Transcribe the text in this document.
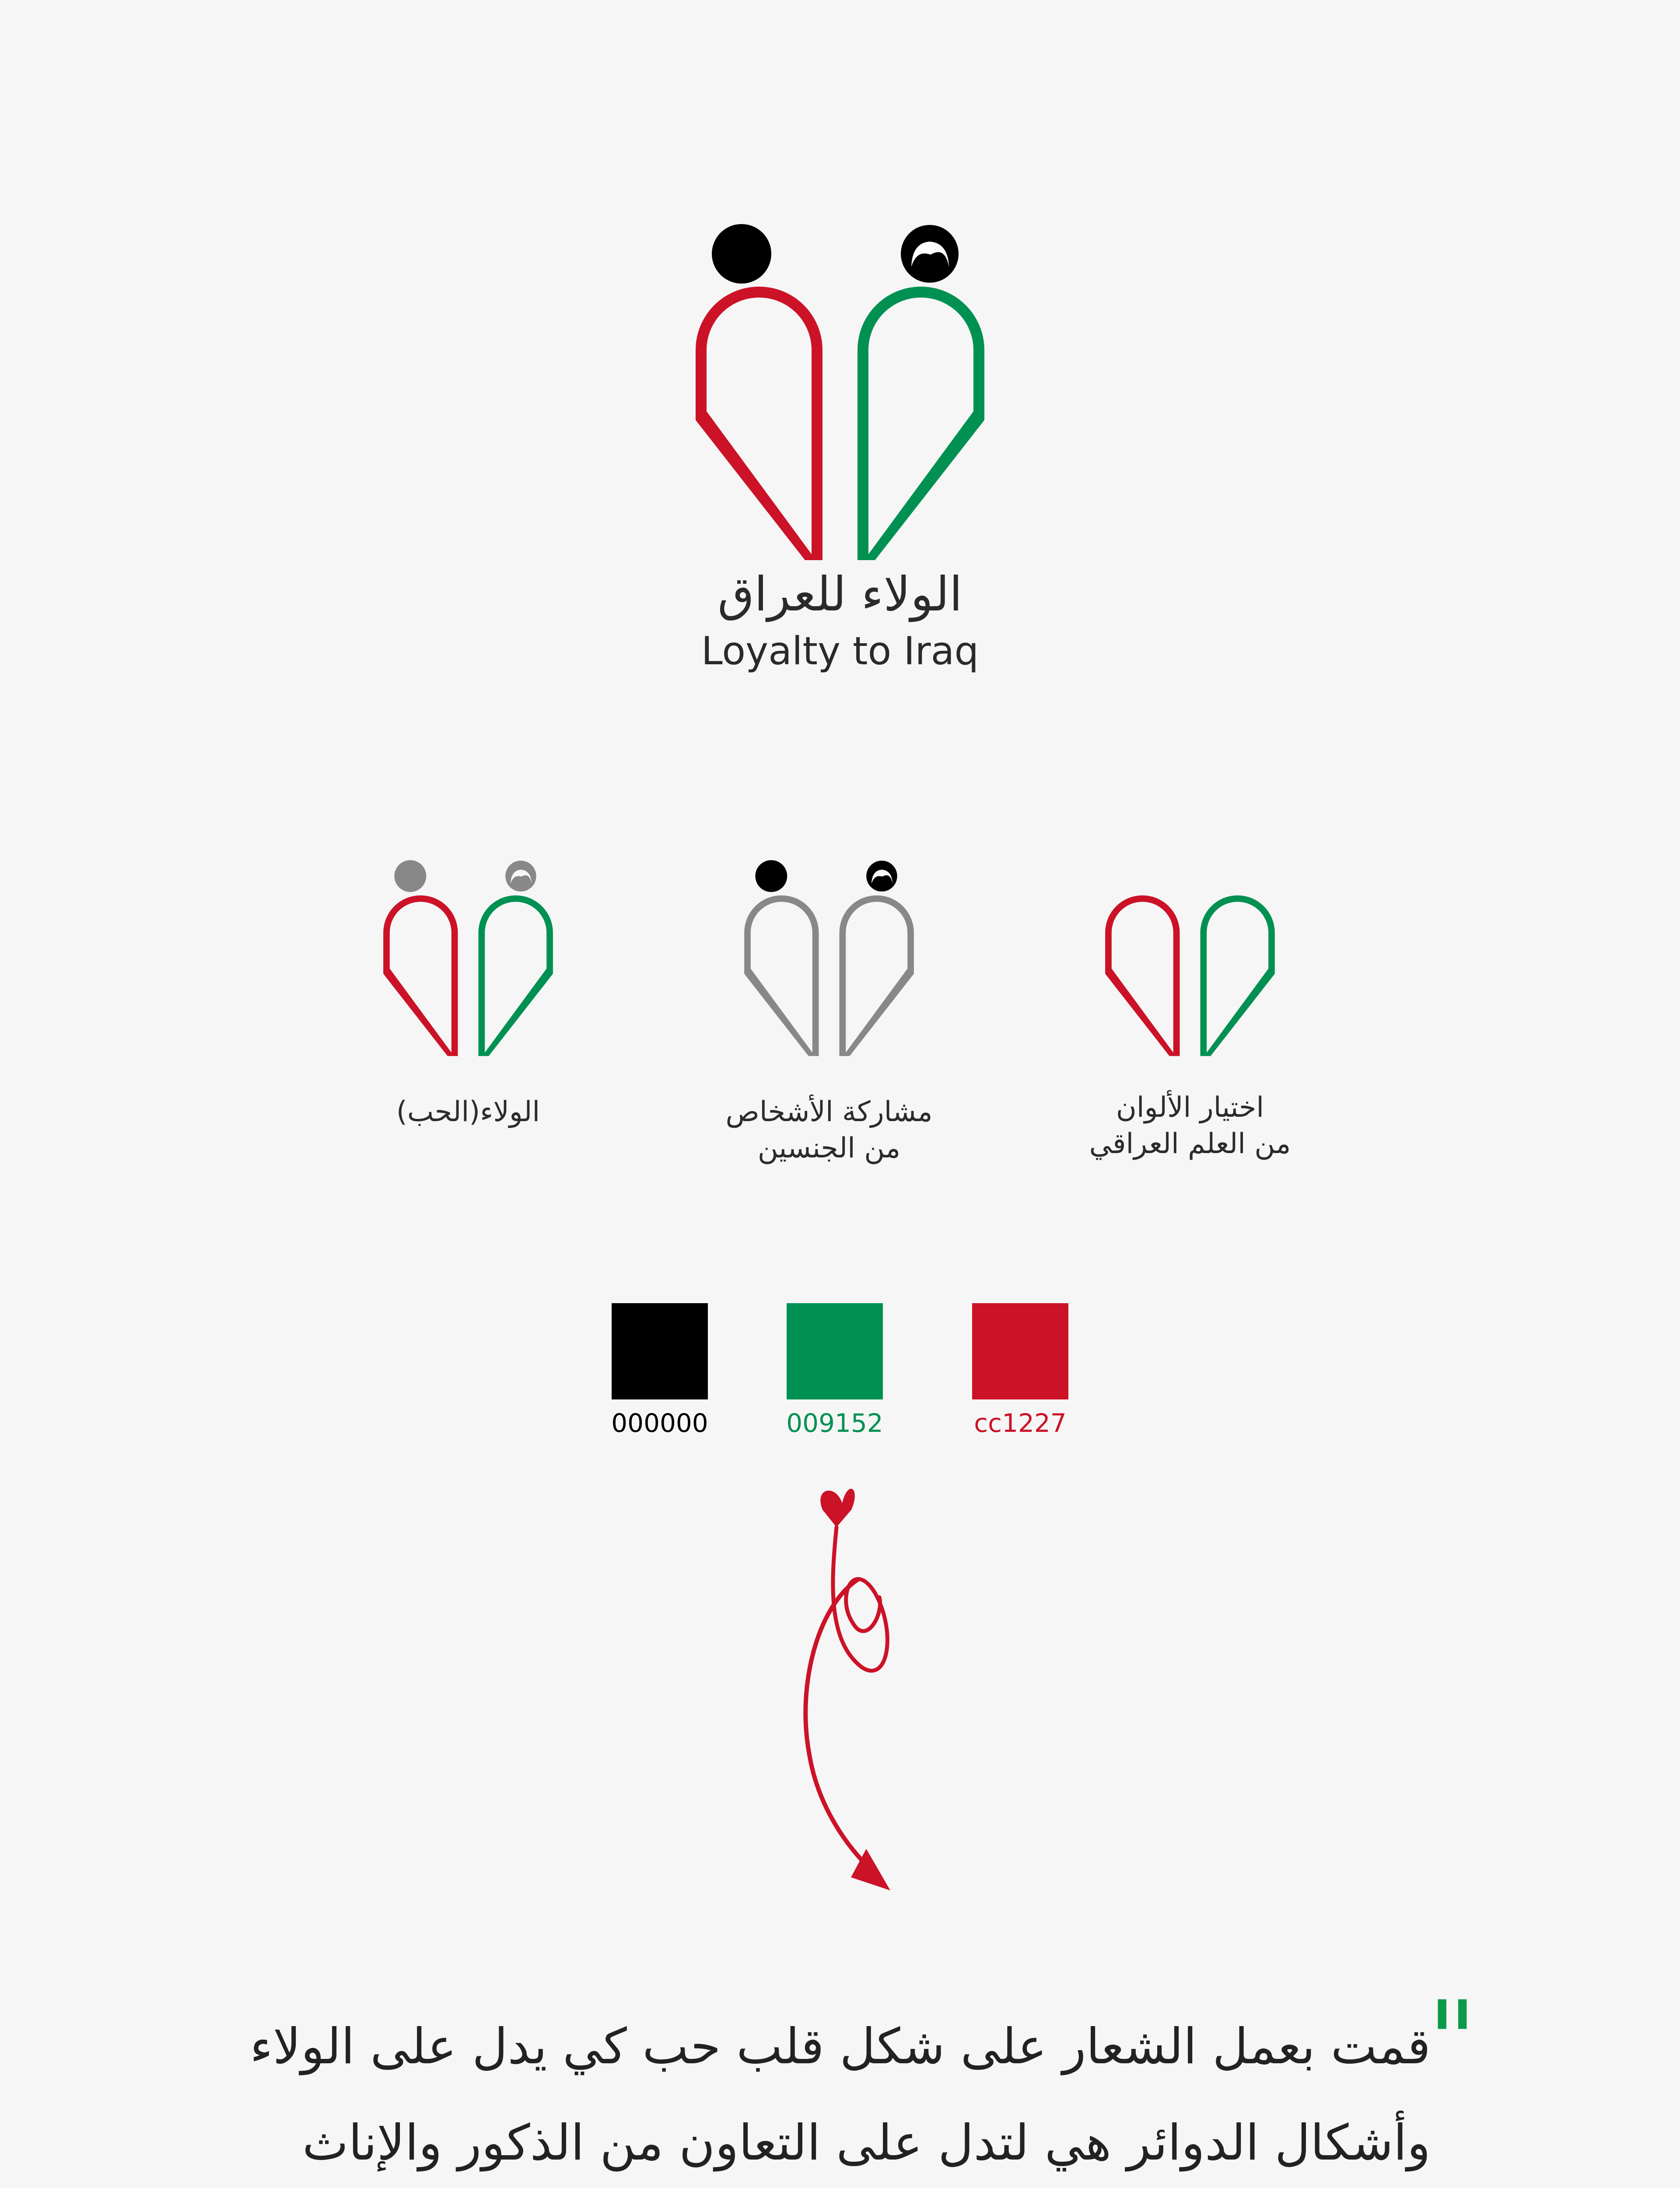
الولاء للعراق
Loyalty to Iraq
الولاء(الحب)	مشاركة الأشخاص
من الجنسين
اختيار الألوان
من العلم العراقي
000000	009152	cc1227
"
قمت بعمل الشعار على شكل قلب حب كي يدل على الولاء
وأشكال الدوائر هي لتدل على التعاون من الذكور والإناث
